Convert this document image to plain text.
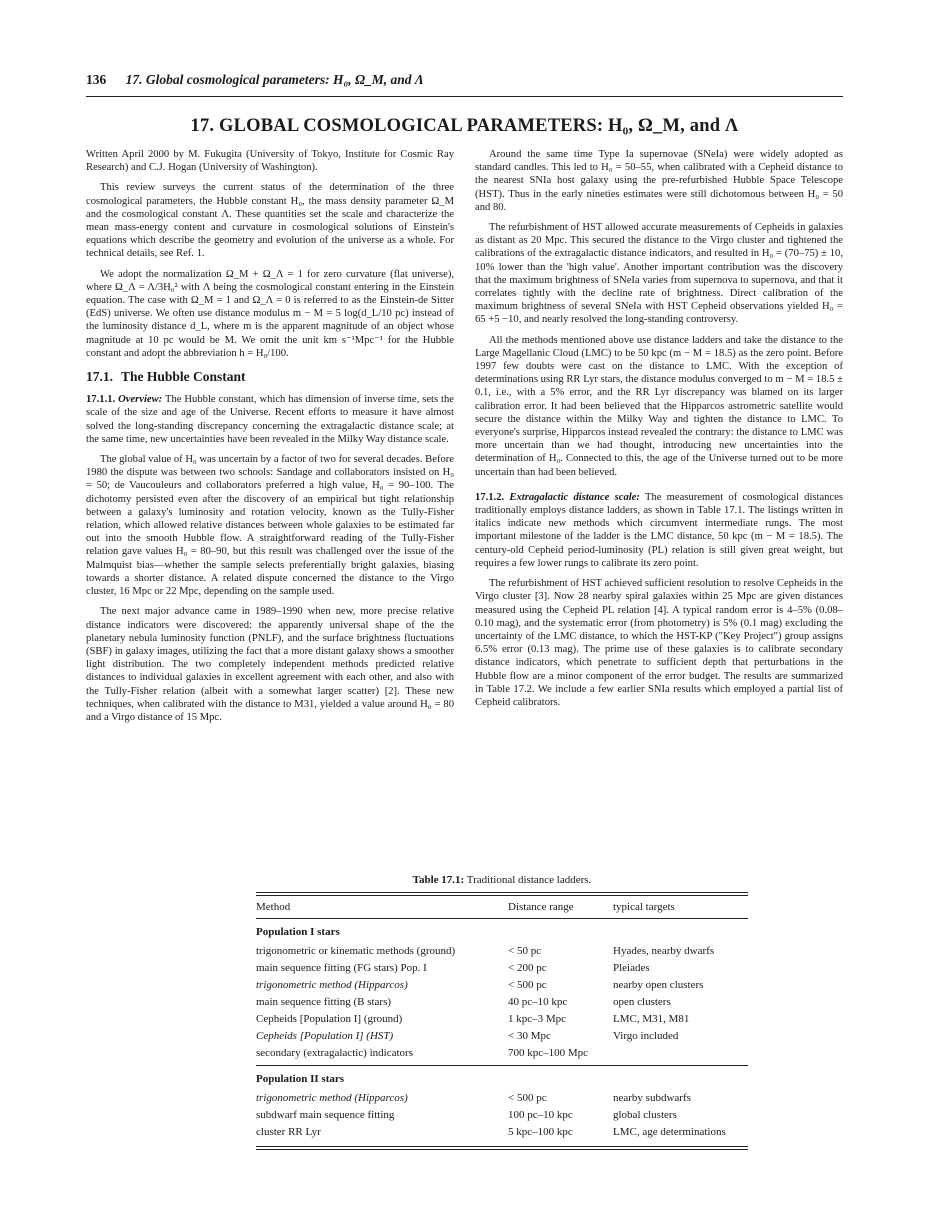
136 17. Global cosmological parameters: H₀, Ω_M, and Λ
17. GLOBAL COSMOLOGICAL PARAMETERS: H₀, Ω_M, and Λ

Written April 2000 by M. Fukugita (University of Tokyo, Institute for Cosmic Ray Research) and C.J. Hogan (University of Washington).

This review surveys the current status of the determination of the three cosmological parameters, the Hubble constant H₀, the mass density parameter Ω_M and the cosmological constant Λ. These quantities set the scale and characterize the mean mass-energy content and curvature in cosmological solutions of Einstein's equations which describe the geometry and evolution of the universe as a whole. For technical details, see Ref. 1.

We adopt the normalization Ω_M + Ω_Λ = 1 for zero curvature (flat universe), where Ω_Λ = Λ/3H₀² with Λ being the cosmological constant entering in the Einstein equation. The case with Ω_M = 1 and Ω_Λ = 0 is referred to as the Einstein-de Sitter (EdS) universe. We often use distance modulus m − M = 5 log(d_L/10 pc) instead of the luminosity distance d_L, where m is the apparent magnitude of an object whose magnitude at 10 pc would be M. We omit the unit km s⁻¹Mpc⁻¹ for the Hubble constant and adopt the abbreviation h = H₀/100.

17.1. The Hubble Constant

17.1.1. Overview: The Hubble constant, which has dimension of inverse time, sets the scale of the size and age of the Universe. Recent efforts to measure it have almost solved the long-standing discrepancy concerning the extragalactic distance scale; at the same time, new uncertainties have been revealed in the Milky Way distance scale.

The global value of H₀ was uncertain by a factor of two for several decades. Before 1980 the dispute was between two schools: Sandage and collaborators insisted on H₀ = 50; de Vaucouleurs and collaborators preferred a high value, H₀ = 90–100. The dichotomy persisted even after the discovery of an empirical but tight relationship between a galaxy's luminosity and rotation velocity, known as the Tully-Fisher relation, which allowed relative distances between whole galaxies to be estimated far out into the smooth Hubble flow. A straightforward reading of the Tully-Fisher relation gave values H₀ = 80–90, but this result was challenged over the issue of the Malmquist bias—whether the sample selects preferentially bright galaxies, biasing towards a shorter distance. A related dispute concerned the distance to the Virgo cluster, 16 Mpc or 22 Mpc, depending on the sample used.

The next major advance came in 1989–1990 when new, more precise relative distance indicators were discovered: the apparently universal shape of the the planetary nebula luminosity function (PNLF), and the surface brightness fluctuations (SBF) in galaxy images, utilizing the fact that a more distant galaxy shows a smoother light distribution. The two completely independent methods predicted relative distances to individual galaxies in excellent agreement with each other, and also with the Tully-Fisher relation (albeit with a somewhat larger scatter) [2]. These new techniques, when calibrated with the distance to M31, yielded a value around H₀ = 80 and a Virgo distance of 15 Mpc.

Around the same time Type Ia supernovae (SNeIa) were widely adopted as standard candles. This led to H₀ = 50–55, when calibrated with a Cepheid distance to the nearest SNIa host galaxy using the pre-refurbished Hubble Space Telescope (HST). Thus in the early nineties estimates were still dichotomous between H₀ = 50 and 80.

The refurbishment of HST allowed accurate measurements of Cepheids in galaxies as distant as 20 Mpc. This secured the distance to the Virgo cluster and tightened the calibrations of the extragalactic distance indicators, and resulted in H₀ = (70–75) ± 10, 10% lower than the 'high value'. Another important contribution was the discovery that the maximum brightness of SNeIa varies from supernova to supernova, and that it correlates tightly with the decline rate of brightness. Direct calibration of the maximum brightness of several SNeIa with HST Cepheid observations yielded H₀ = 65 +5 −10, and nearly resolved the long-standing controversy.

All the methods mentioned above use distance ladders and take the distance to the Large Magellanic Cloud (LMC) to be 50 kpc (m − M = 18.5) as the zero point. Before 1997 few doubts were cast on the distance to LMC. With the exception of determinations using RR Lyr stars, the distance modulus converged to m − M = 18.5 ± 0.1, i.e., with a 5% error, and the RR Lyr discrepancy was blamed on its larger calibration error. It had been believed that the Hipparcos astrometric satellite would secure the distance within the Milky Way and tighten the distance to LMC. To everyone's surprise, Hipparcos instead revealed the contrary: the distance to LMC was more uncertain than we had thought, introducing new uncertainties into the determination of H₀. Connected to this, the age of the Universe turned out to be more uncertain than had been believed.

17.1.2. Extragalactic distance scale: The measurement of cosmological distances traditionally employs distance ladders, as shown in Table 17.1. The listings written in italics indicate new methods which circumvent intermediate rungs. The most important milestone of the ladder is the LMC distance, 50 kpc (m − M = 18.5). The century-old Cepheid period-luminosity (PL) relation is still given great weight, but requires a few lower rungs to calibrate its zero point.

The refurbishment of HST achieved sufficient resolution to resolve Cepheids in the Virgo cluster [3]. Now 28 nearby spiral galaxies within 25 Mpc are given distances measured using the Cepheid PL relation [4]. A typical random error is 4–5% (0.08–0.10 mag), and the systematic error (from photometry) is 5% (0.1 mag) excluding the uncertainty of the LMC distance, to which the HST-KP ("Key Project") group assigns 6.5% error (0.13 mag). The prime use of these galaxies is to calibrate secondary distance indicators, which penetrate to sufficient depth that perturbations in the Hubble flow are a minor component of the error budget. The results are summarized in Table 17.2. We include a few earlier SNIa results which employed a partial list of Cepheid calibrators.

Table 17.1: Traditional distance ladders.
Method	Distance range	typical targets
Population I stars		
trigonometric or kinematic methods (ground)	< 50 pc	Hyades, nearby dwarfs
main sequence fitting (FG stars) Pop. I	< 200 pc	Pleiades
trigonometric method (Hipparcos)	< 500 pc	nearby open clusters
main sequence fitting (B stars)	40 pc–10 kpc	open clusters
Cepheids [Population I] (ground)	1 kpc–3 Mpc	LMC, M31, M81
Cepheids [Population I] (HST)	< 30 Mpc	Virgo included
secondary (extragalactic) indicators	700 kpc–100 Mpc	
Population II stars		
trigonometric method (Hipparcos)	< 500 pc	nearby subdwarfs
subdwarf main sequence fitting	100 pc–10 kpc	global clusters
cluster RR Lyr	5 kpc–100 kpc	LMC, age determinations
